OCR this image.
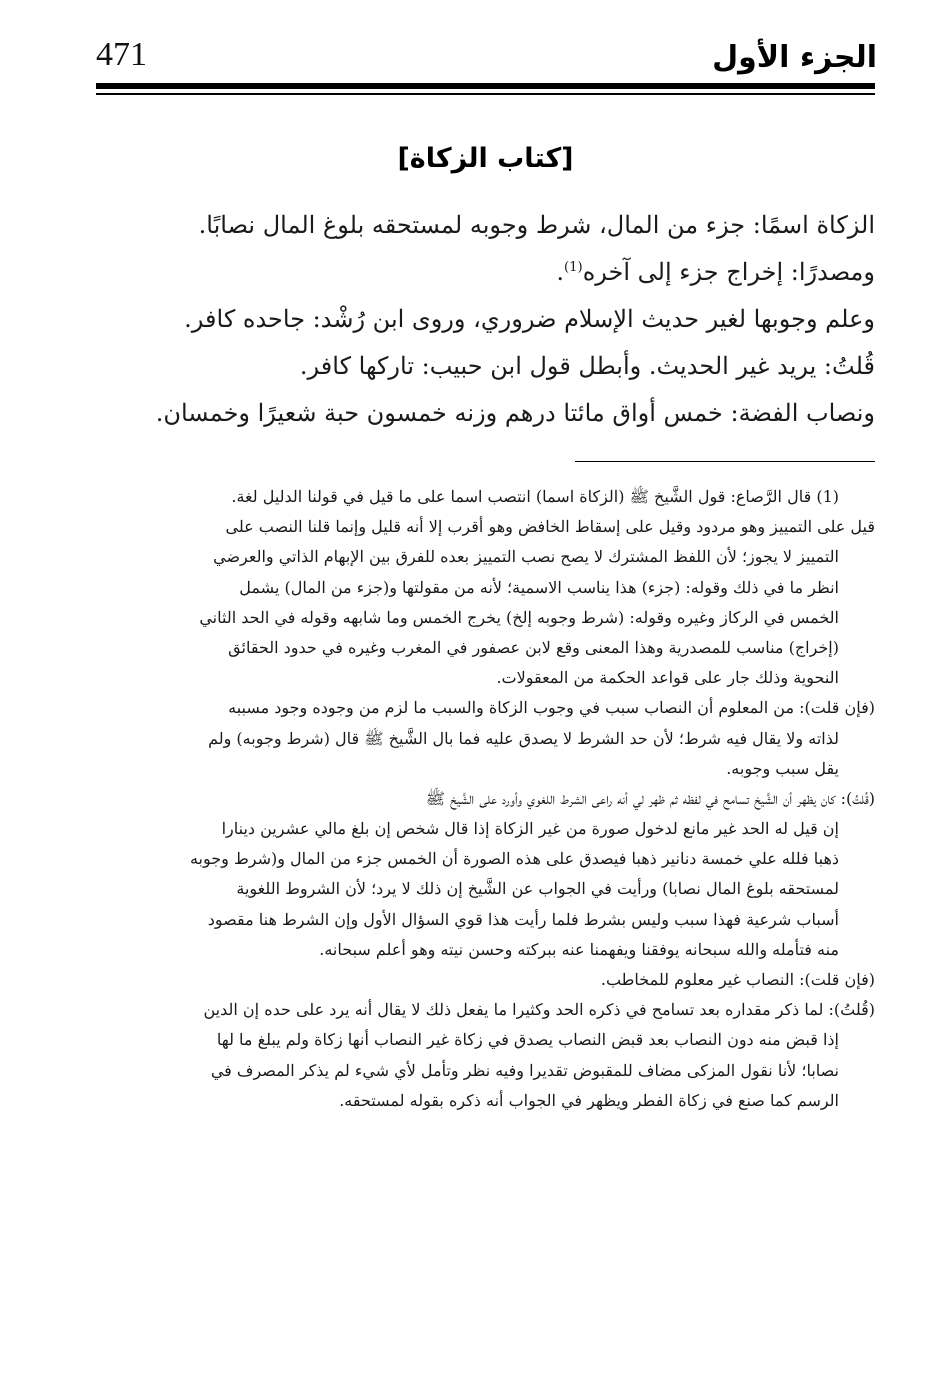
471	الجزء الأول
[كتاب الزكاة]
الزكاة اسمًا: جزء من المال، شرط وجوبه لمستحقه بلوغ المال نصابًا.
ومصدرًا: إخراج جزء إلى آخره$^{(1)}$.
وعلم وجوبها لغير حديث الإسلام ضروري، وروى ابن رُشْد: جاحده كافر.
قُلتُ: يريد غير الحديث. وأبطل قول ابن حبيب: تاركها كافر.
ونصاب الفضة: خمس أواق مائتا درهم وزنه خمسون حبة شعيرًا وخمسان.
(1) قال الرَّصاع: قول الشَّيخ ﷺ (الزكاة اسما) انتصب اسما على ما قيل في قولنا الدليل لغة.
قيل على التمييز وهو مردود وقيل على إسقاط الخافض وهو أقرب إلا أنه قليل وإنما قلنا النصب على
التمييز لا يجوز؛ لأن اللفظ المشترك لا يصح نصب التمييز بعده للفرق بين الإبهام الذاتي والعرضي
انظر ما في ذلك وقوله: (جزء) هذا يناسب الاسمية؛ لأنه من مقولتها و(جزء من المال) يشمل
الخمس في الركاز وغيره وقوله: (شرط وجوبه إلخ) يخرج الخمس وما شابهه وقوله في الحد الثاني
(إخراج) مناسب للمصدرية وهذا المعنى وقع لابن عصفور في المغرب وغيره في حدود الحقائق
النحوية وذلك جار على قواعد الحكمة من المعقولات.
(فإن قلت): من المعلوم أن النصاب سبب في وجوب الزكاة والسبب ما لزم من وجوده وجود مسببه
لذاته ولا يقال فيه شرط؛ لأن حد الشرط لا يصدق عليه فما بال الشَّيخ ﷺ قال (شرط وجوبه) ولم
يقل سبب وجوبه.
(قُلتُ): كان يظهر أن الشَّيخ تسامح في لفظه ثم ظهر لي أنه راعى الشرط اللغوي وأورد على الشَّيخ ﷺ
إن قيل له الحد غير مانع لدخول صورة من غير الزكاة إذا قال شخص إن بلغ مالي عشرين دينارا
ذهبا فلله علي خمسة دنانير ذهبا فيصدق على هذه الصورة أن الخمس جزء من المال و(شرط وجوبه
لمستحقه بلوغ المال نصابا) ورأيت في الجواب عن الشَّيخ إن ذلك لا يرد؛ لأن الشروط اللغوية
أسباب شرعية فهذا سبب وليس بشرط فلما رأيت هذا قوي السؤال الأول وإن الشرط هنا مقصود
منه فتأمله والله سبحانه يوفقنا ويفهمنا عنه ببركته وحسن نيته وهو أعلم سبحانه.
(فإن قلت): النصاب غير معلوم للمخاطب.
(قُلتُ): لما ذكر مقداره بعد تسامح في ذكره الحد وكثيرا ما يفعل ذلك لا يقال أنه يرد على حده إن الدين
إذا قبض منه دون النصاب بعد قبض النصاب يصدق في زكاة غير النصاب أنها زكاة ولم يبلغ ما لها
نصابا؛ لأنا نقول المزكى مضاف للمقبوض تقديرا وفيه نظر وتأمل لأي شيء لم يذكر المصرف في
الرسم كما صنع في زكاة الفطر ويظهر في الجواب أنه ذكره بقوله لمستحقه.
